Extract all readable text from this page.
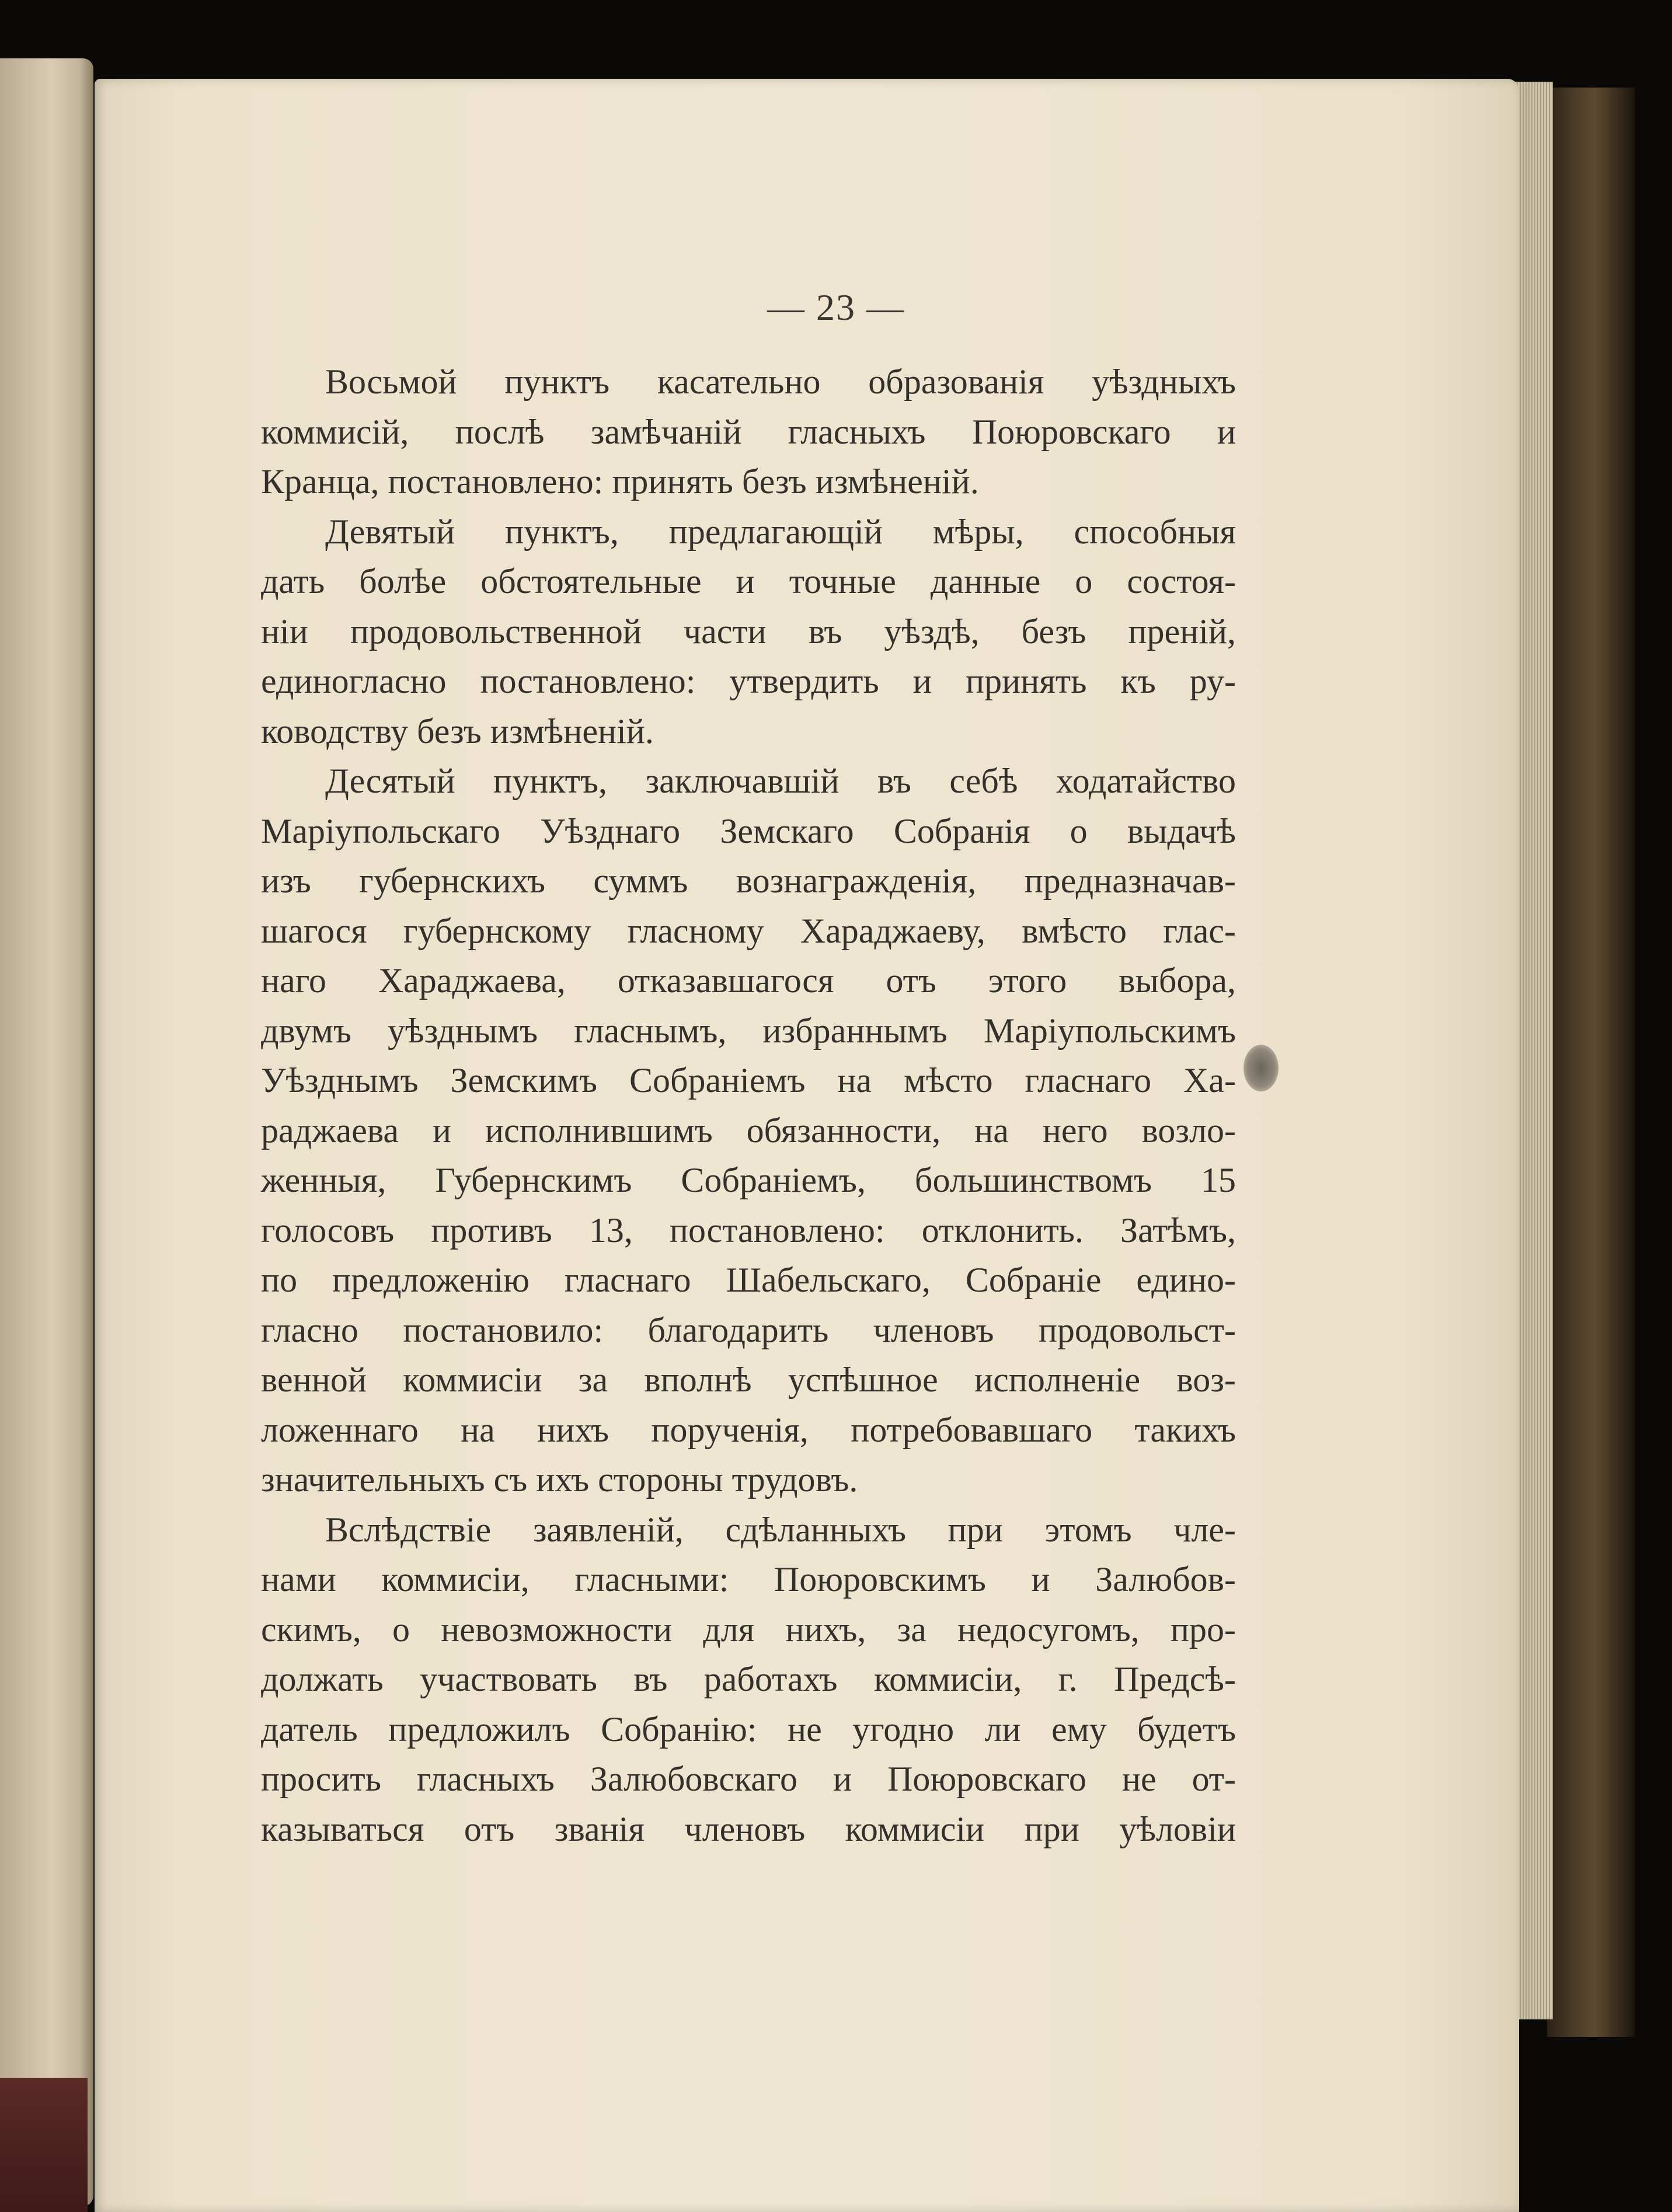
— 23 —

Восьмой пунктъ касательно образованія уѣздныхъ
коммисій, послѣ замѣчаній гласныхъ Поюровскаго и
Кранца, постановлено: принять безъ измѣненій.
Девятый пунктъ, предлагающій мѣры, способныя
дать болѣе обстоятельные и точные данные о состоя-
ніи продовольственной части въ уѣздѣ, безъ преній,
единогласно постановлено: утвердить и принять къ ру-
ководству безъ измѣненій.
Десятый пунктъ, заключавшій въ себѣ ходатайство
Маріупольскаго Уѣзднаго Земскаго Собранія о выдачѣ
изъ губернскихъ суммъ вознагражденія, предназначав-
шагося губернскому гласному Хараджаеву, вмѣсто глас-
наго Хараджаева, отказавшагося отъ этого выбора,
двумъ уѣзднымъ гласнымъ, избраннымъ Маріупольскимъ
Уѣзднымъ Земскимъ Собраніемъ на мѣсто гласнаго Ха-
раджаева и исполнившимъ обязанности, на него возло-
женныя, Губернскимъ Собраніемъ, большинствомъ 15
голосовъ противъ 13, постановлено: отклонить. Затѣмъ,
по предложенію гласнаго Шабельскаго, Собраніе едино-
гласно постановило: благодарить членовъ продовольст-
венной коммисіи за вполнѣ успѣшное исполненіе воз-
ложеннаго на нихъ порученія, потребовавшаго такихъ
значительныхъ съ ихъ стороны трудовъ.
Вслѣдствіе заявленій, сдѣланныхъ при этомъ чле-
нами коммисіи, гласными: Поюровскимъ и Залюбов-
скимъ, о невозможности для нихъ, за недосугомъ, про-
должать участвовать въ работахъ коммисіи, г. Предсѣ-
датель предложилъ Собранію: не угодно ли ему будетъ
просить гласныхъ Залюбовскаго и Поюровскаго не от-
казываться отъ званія членовъ коммисіи при уѣловіи
